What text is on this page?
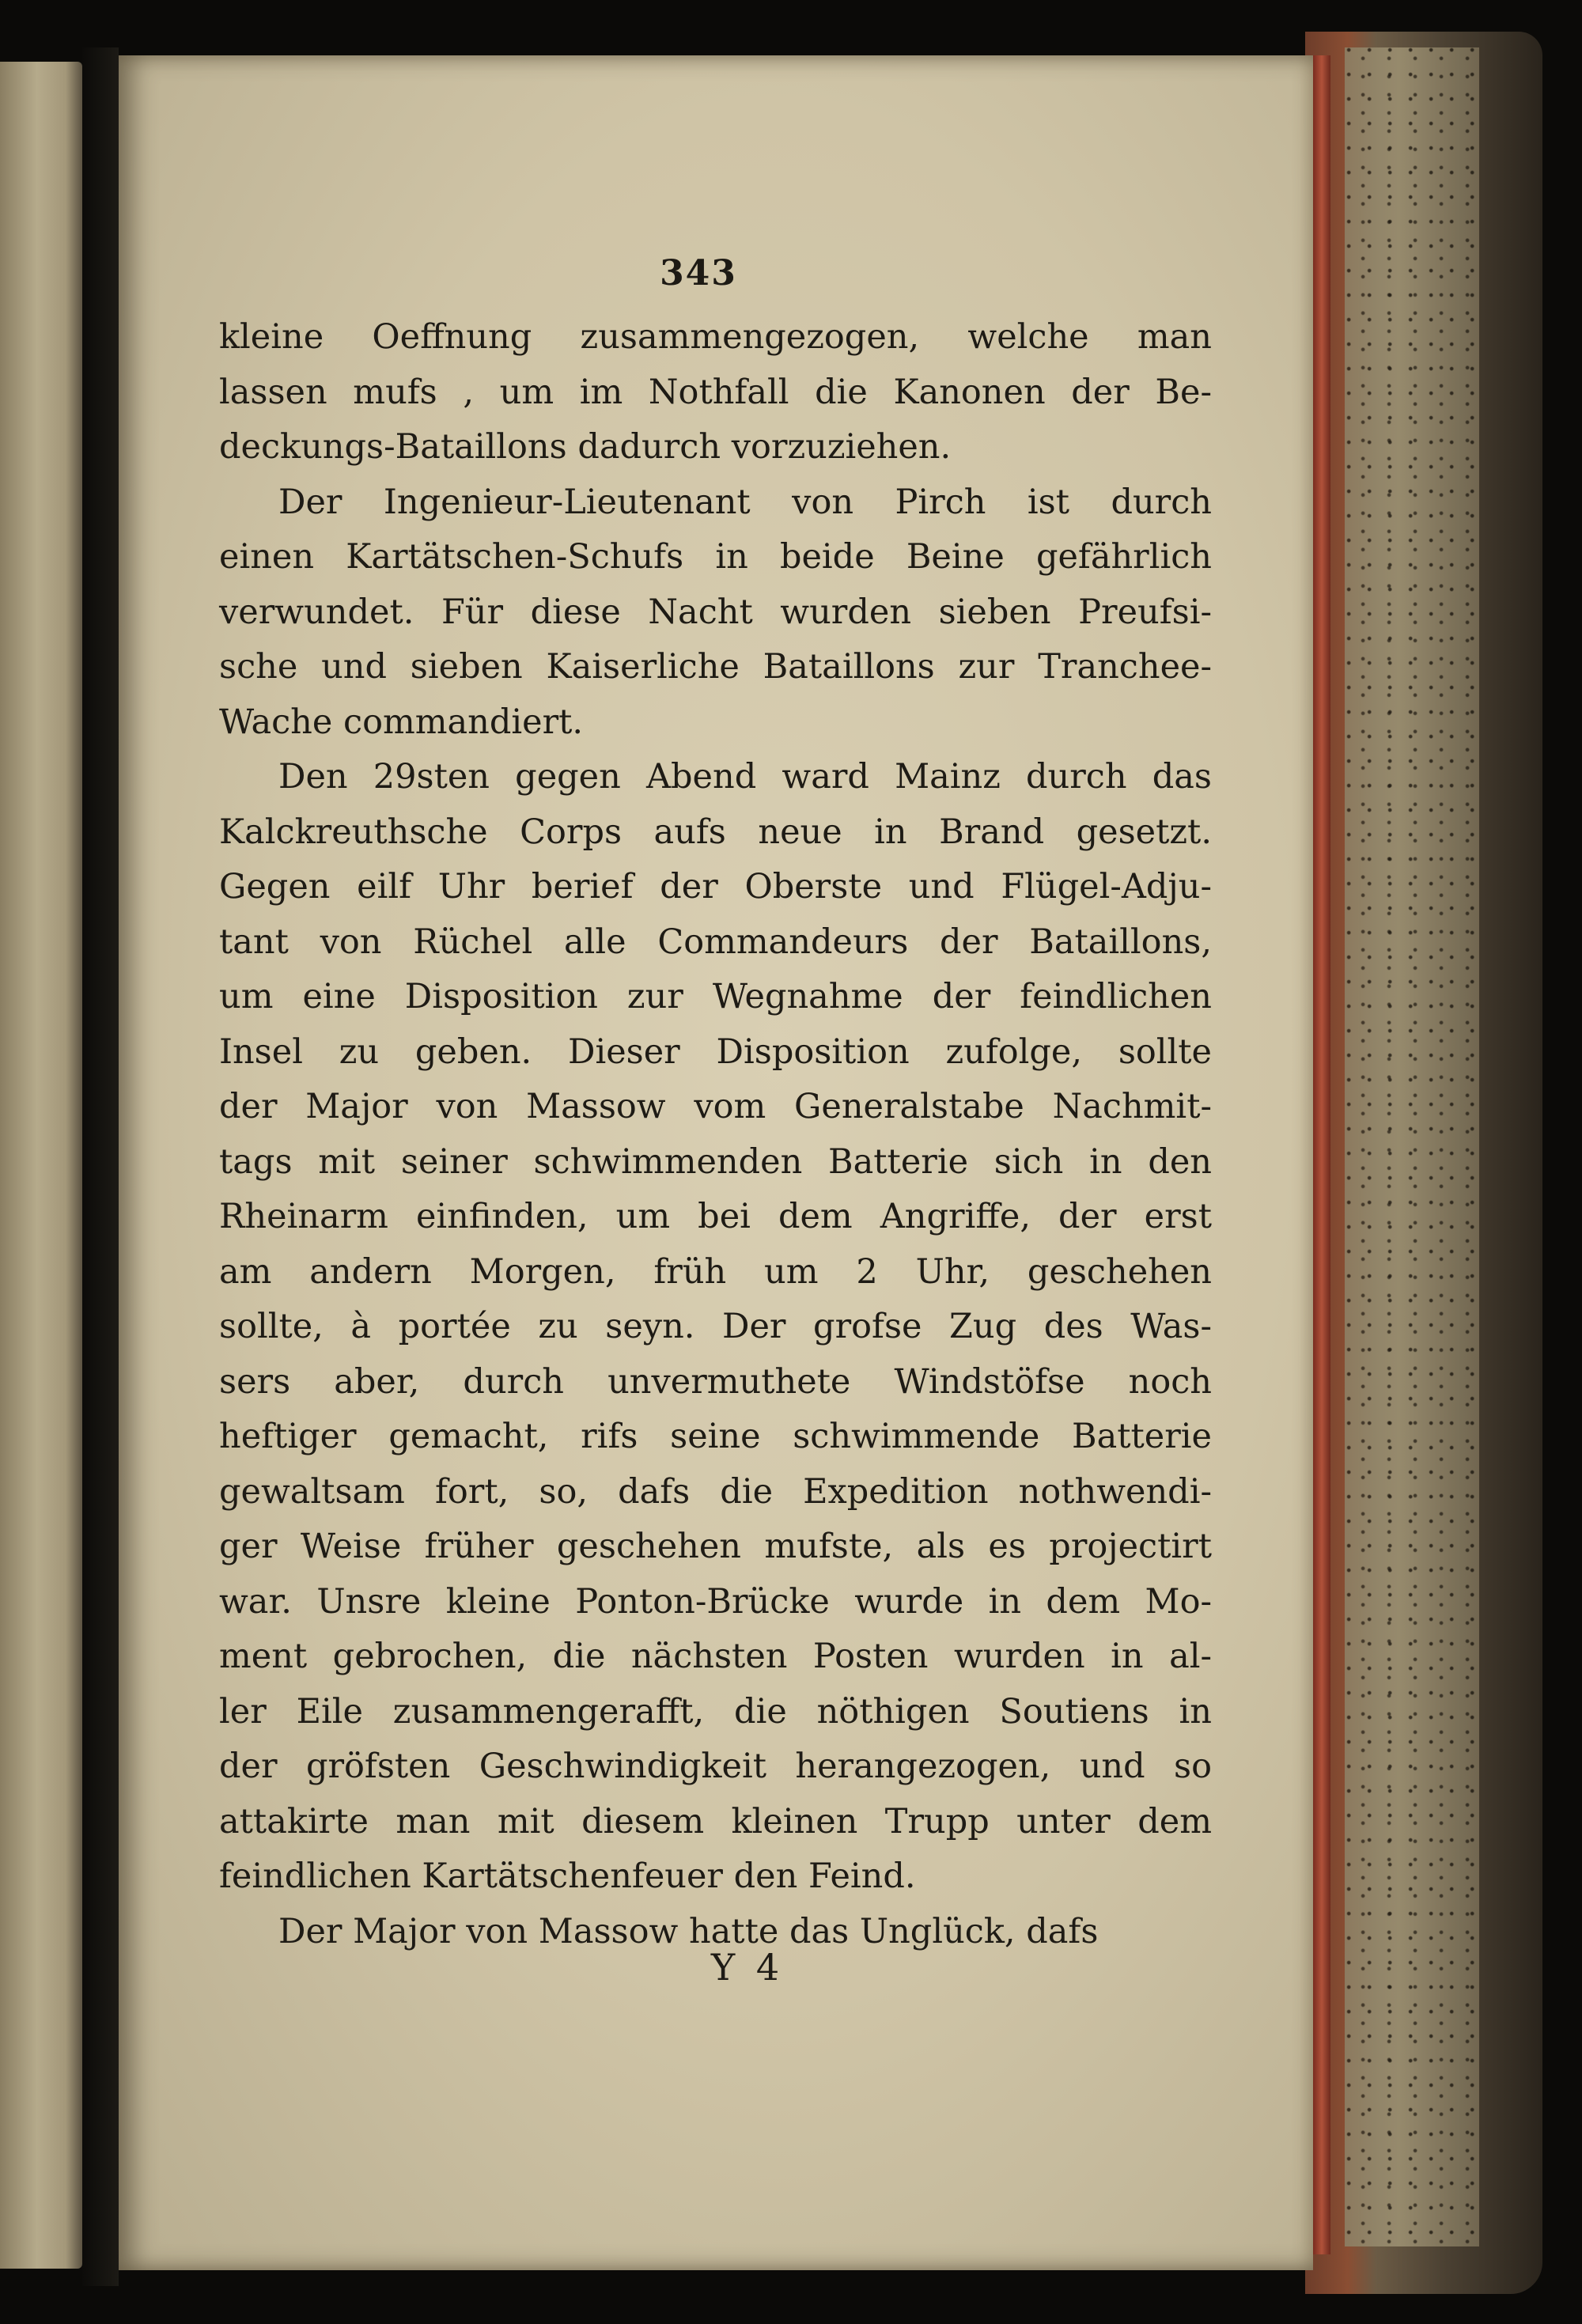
343

kleine Oeffnung zusammengezogen, welche man
lassen mufs , um im Nothfall die Kanonen der Be-
deckungs-Bataillons dadurch vorzuziehen.

Der Ingenieur-Lieutenant von Pirch ist durch
einen Kartätschen-Schufs in beide Beine gefährlich
verwundet. Für diese Nacht wurden sieben Preufsi-
sche und sieben Kaiserliche Bataillons zur Tranchee-
Wache commandiert.

Den 29sten gegen Abend ward Mainz durch das
Kalckreuthsche Corps aufs neue in Brand gesetzt.
Gegen eilf Uhr berief der Oberste und Flügel-Adju-
tant von Rüchel alle Commandeurs der Bataillons,
um eine Disposition zur Wegnahme der feindlichen
Insel zu geben. Dieser Disposition zufolge, sollte
der Major von Massow vom Generalstabe Nachmit-
tags mit seiner schwimmenden Batterie sich in den
Rheinarm einfinden, um bei dem Angriffe, der erst
am andern Morgen, früh um 2 Uhr, geschehen
sollte, à portée zu seyn. Der grofse Zug des Was-
sers aber, durch unvermuthete Windstöfse noch
heftiger gemacht, rifs seine schwimmende Batterie
gewaltsam fort, so, dafs die Expedition nothwendi-
ger Weise früher geschehen mufste, als es projectirt
war. Unsre kleine Ponton-Brücke wurde in dem Mo-
ment gebrochen, die nächsten Posten wurden in al-
ler Eile zusammengerafft, die nöthigen Soutiens in
der gröfsten Geschwindigkeit herangezogen, und so
attakirte man mit diesem kleinen Trupp unter dem
feindlichen Kartätschenfeuer den Feind.

Der Major von Massow hatte das Unglück, dafs

Y 4
